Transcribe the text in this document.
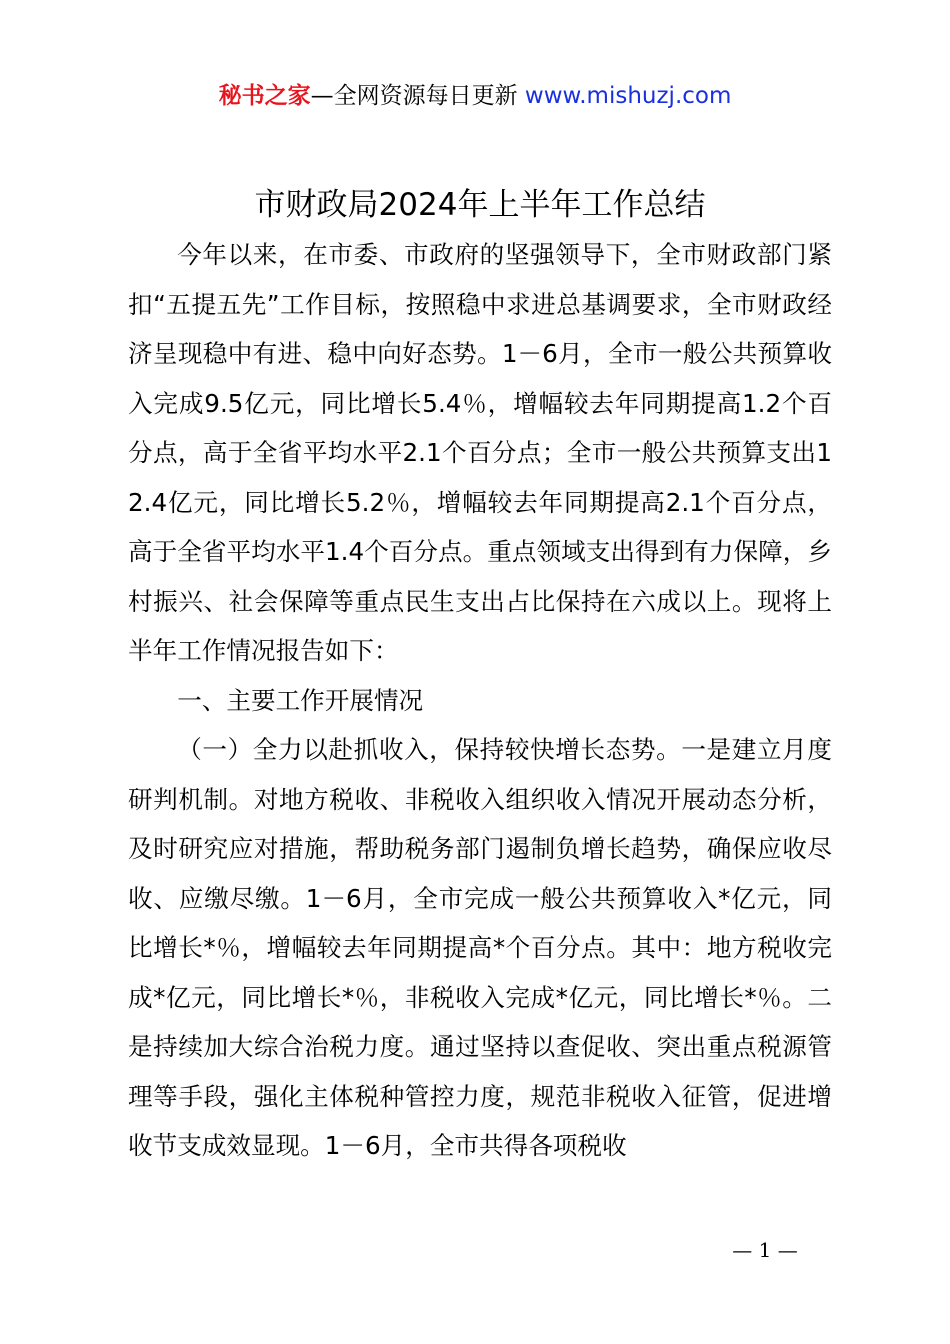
秘书之家—全网资源每日更新 www.mishuzj.com
市财政局2024年上半年工作总结

今年以来，在市委、市政府的坚强领导下，全市财政部门紧扣“五提五先”工作目标，按照稳中求进总基调要求，全市财政经济呈现稳中有进、稳中向好态势。1－6月，全市一般公共预算收入完成9.5亿元，同比增长5.4％，增幅较去年同期提高1.2个百分点，高于全省平均水平2.1个百分点；全市一般公共预算支出12.4亿元，同比增长5.2％，增幅较去年同期提高2.1个百分点，高于全省平均水平1.4个百分点。重点领域支出得到有力保障，乡村振兴、社会保障等重点民生支出占比保持在六成以上。现将上半年工作情况报告如下：

一、主要工作开展情况

（一）全力以赴抓收入，保持较快增长态势。一是建立月度研判机制。对地方税收、非税收入组织收入情况开展动态分析，及时研究应对措施，帮助税务部门遏制负增长趋势，确保应收尽收、应缴尽缴。1－6月，全市完成一般公共预算收入*亿元，同比增长*％，增幅较去年同期提高*个百分点。其中：地方税收完成*亿元，同比增长*％，非税收入完成*亿元，同比增长*％。二是持续加大综合治税力度。通过坚持以查促收、突出重点税源管理等手段，强化主体税种管控力度，规范非税收入征管，促进增收节支成效显现。1－6月，全市共得各项税收

— 1 —
